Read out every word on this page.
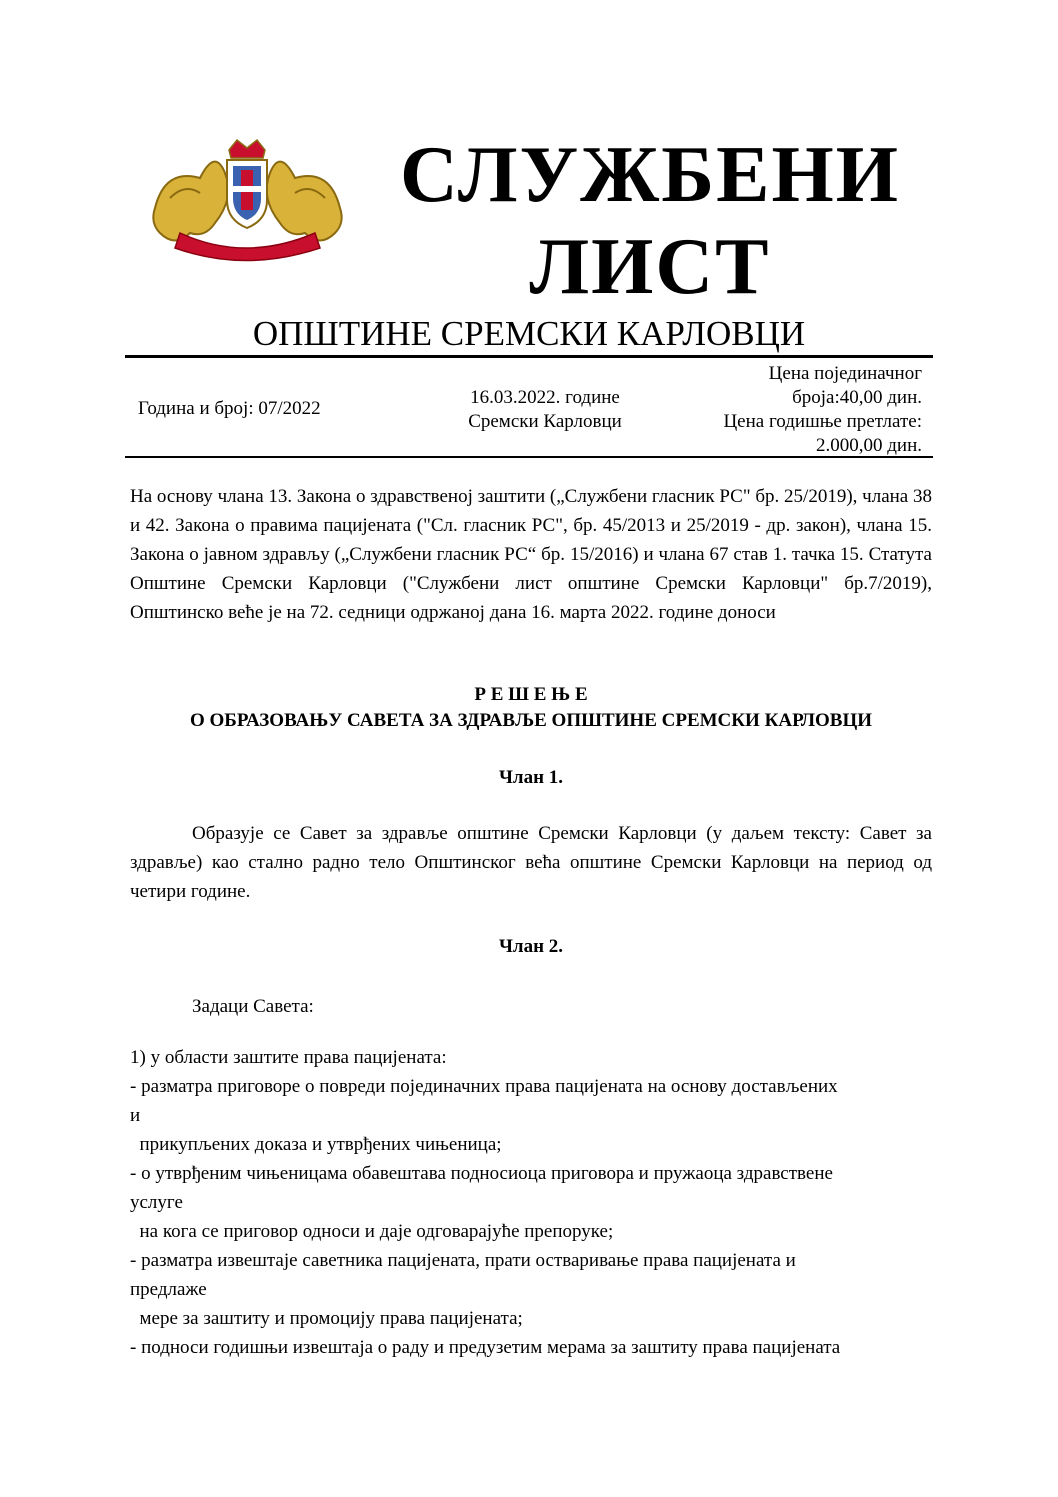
СЛУЖБЕНИ
ЛИСТ
ОПШТИНЕ СРЕМСКИ КАРЛОВЦИ
Година и број: 07/2022
16.03.2022. године
Сремски Карловци
Цена појединачног
броја:40,00 дин.
Цена годишње претлате:
2.000,00 дин.
На основу члана 13. Закона о здравственој заштити („Службени гласник РС" бр. 25/2019), члана 38 и 42. Закона о правима пацијената ("Сл. гласник РС", бр. 45/2013 и 25/2019 - др. закон), члана 15. Закона о јавном здрављу („Службени гласник РС“ бр. 15/2016) и члана 67 став 1. тачка 15. Статута Општине Сремски Карловци ("Службени лист општине Сремски Карловци" бр.7/2019), Општинско веће је на 72. седници одржаној дана 16. марта 2022. године доноси
Р Е Ш Е Њ Е
О ОБРАЗОВАЊУ САВЕТА ЗА ЗДРАВЉЕ ОПШТИНЕ СРЕМСКИ КАРЛОВЦИ
Члан 1.
Образује се Савет за здравље општине Сремски Карловци (у даљем тексту: Савет за здравље) као стално радно тело Општинског већа општине Сремски Карловци на период од четири године.
Члан 2.
Задаци Савета:
1) у области заштите права пацијената:
- разматра приговоре о повреди појединачних права пацијената на основу достављених
и
прикупљених доказа и утврђених чињеница;
- о утврђеним чињеницама обавештава подносиоца приговора и пружаоца здравствене
услуге
на кога се приговор односи и даје одговарајуће препоруке;
- разматра извештаје саветника пацијената, прати остваривање права пацијената и
предлаже
мере за заштиту и промоцију права пацијената;
- подноси годишњи извештаја о раду и предузетим мерама за заштиту права пацијената
